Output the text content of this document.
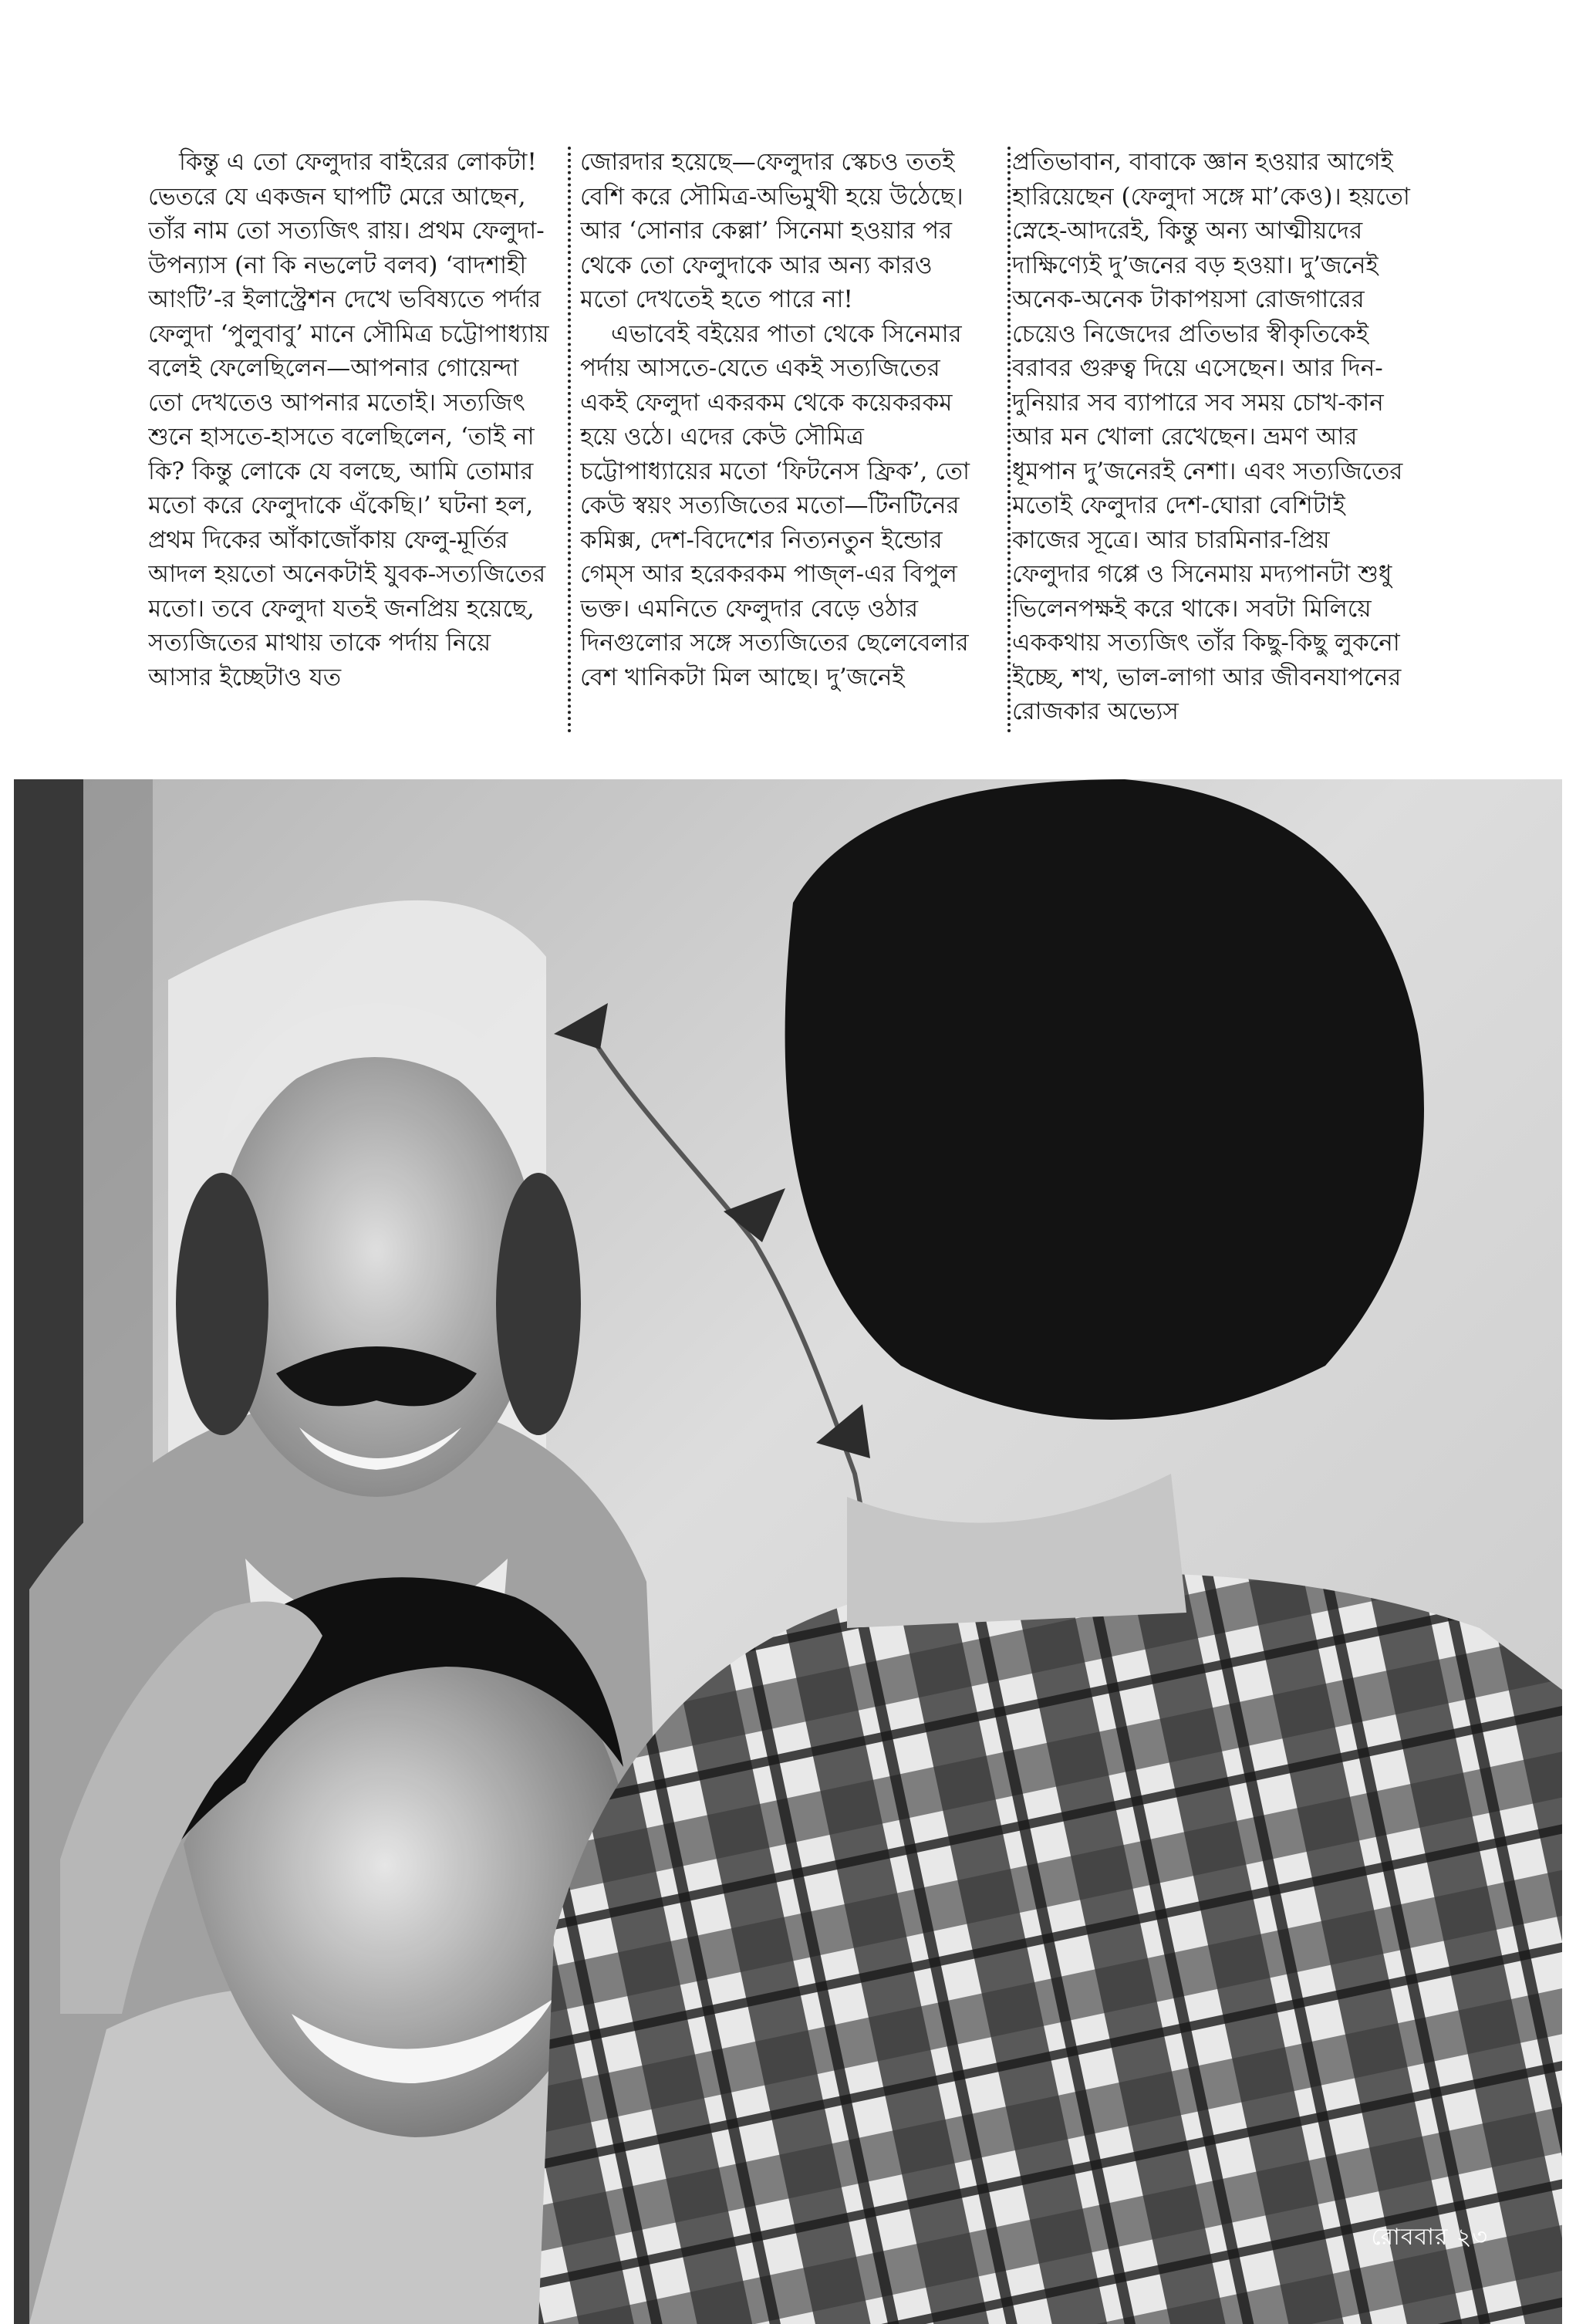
কিন্তু এ তো ফেলুদার বাইরের লোকটা! ভেতরে যে একজন ঘাপটি মেরে আছেন, তাঁর নাম তো সত্যজিৎ রায়। প্রথম ফেলুদা-উপন্যাস (না কি নভলেট বলব) ‘বাদশাহী আংটি’-র ইলাস্ট্রেশন দেখে ভবিষ্যতে পর্দার ফেলুদা ‘পুলুবাবু’ মানে সৌমিত্র চট্টোপাধ্যায় বলেই ফেলেছিলেন—আপনার গোয়েন্দা তো দেখতেও আপনার মতোই। সত্যজিৎ শুনে হাসতে-হাসতে বলেছিলেন, ‘তাই না কি? কিন্তু লোকে যে বলছে, আমি তোমার মতো করে ফেলুদাকে এঁকেছি।’ ঘটনা হল, প্রথম দিকের আঁকাজোঁকায় ফেলু-মূর্তির আদল হয়তো অনেকটাই যুবক-সত্যজিতের মতো। তবে ফেলুদা যতই জনপ্রিয় হয়েছে, সত্যজিতের মাথায় তাকে পর্দায় নিয়ে আসার ইচ্ছেটাও যত

জোরদার হয়েছে—ফেলুদার স্কেচও ততই বেশি করে সৌমিত্র-অভিমুখী হয়ে উঠেছে। আর ‘সোনার কেল্লা’ সিনেমা হওয়ার পর থেকে তো ফেলুদাকে আর অন্য কারও মতো দেখতেই হতে পারে না!

এভাবেই বইয়ের পাতা থেকে সিনেমার পর্দায় আসতে-যেতে একই সত্যজিতের একই ফেলুদা একরকম থেকে কয়েকরকম হয়ে ওঠে। এদের কেউ সৌমিত্র চট্টোপাধ্যায়ের মতো ‘ফিটনেস ফ্রিক’, তো কেউ স্বয়ং সত্যজিতের মতো—টিনটিনের কমিক্স, দেশ-বিদেশের নিত্যনতুন ইন্ডোর গেম্স আর হরেকরকম পাজ্ল-এর বিপুল ভক্ত। এমনিতে ফেলুদার বেড়ে ওঠার দিনগুলোর সঙ্গে সত্যজিতের ছেলেবেলার বেশ খানিকটা মিল আছে। দু’জনেই

প্রতিভাবান, বাবাকে জ্ঞান হওয়ার আগেই হারিয়েছেন (ফেলুদা সঙ্গে মা’কেও)। হয়তো স্নেহে-আদরেই, কিন্তু অন্য আত্মীয়দের দাক্ষিণ্যেই দু’জনের বড় হওয়া। দু’জনেই অনেক-অনেক টাকাপয়সা রোজগারের চেয়েও নিজেদের প্রতিভার স্বীকৃতিকেই বরাবর গুরুত্ব দিয়ে এসেছেন। আর দিন-দুনিয়ার সব ব্যাপারে সব সময় চোখ-কান আর মন খোলা রেখেছেন। ভ্রমণ আর ধূমপান দু’জনেরই নেশা। এবং সত্যজিতের মতোই ফেলুদার দেশ-ঘোরা বেশিটাই কাজের সূত্রে। আর চারমিনার-প্রিয় ফেলুদার গপ্পে ও সিনেমায় মদ্যপানটা শুধু ভিলেনপক্ষই করে থাকে। সবটা মিলিয়ে এককথায় সত্যজিৎ তাঁর কিছু-কিছু লুকনো ইচ্ছে, শখ, ভাল-লাগা আর জীবনযাপনের রোজকার অভ্যেস

রোববার ২৩
